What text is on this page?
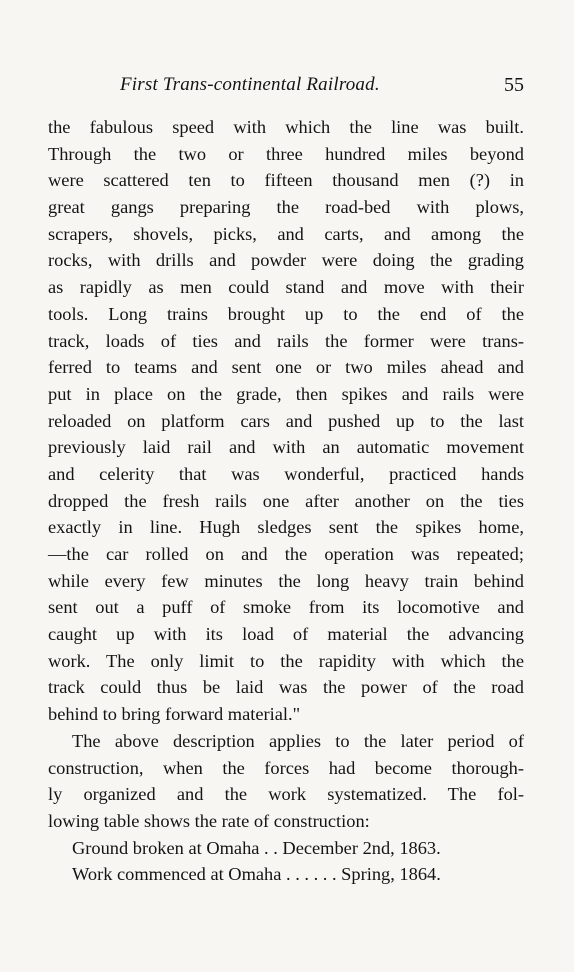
First Trans-continental Railroad.	55
the fabulous speed with which the line was built.
Through the two or three hundred miles beyond
were scattered ten to fifteen thousand men (?) in
great gangs preparing the road-bed with plows,
scrapers, shovels, picks, and carts, and among the
rocks, with drills and powder were doing the grading
as rapidly as men could stand and move with their
tools. Long trains brought up to the end of the
track, loads of ties and rails the former were trans-
ferred to teams and sent one or two miles ahead and
put in place on the grade, then spikes and rails were
reloaded on platform cars and pushed up to the last
previously laid rail and with an automatic movement
and celerity that was wonderful, practiced hands
dropped the fresh rails one after another on the ties
exactly in line. Hugh sledges sent the spikes home,
—the car rolled on and the operation was repeated;
while every few minutes the long heavy train behind
sent out a puff of smoke from its locomotive and
caught up with its load of material the advancing
work. The only limit to the rapidity with which the
track could thus be laid was the power of the road
behind to bring forward material."
The above description applies to the later period of
construction, when the forces had become thorough-
ly organized and the work systematized. The fol-
lowing table shows the rate of construction:
Ground broken at Omaha . . December 2nd, 1863.
Work commenced at Omaha . . . . . . Spring, 1864.
